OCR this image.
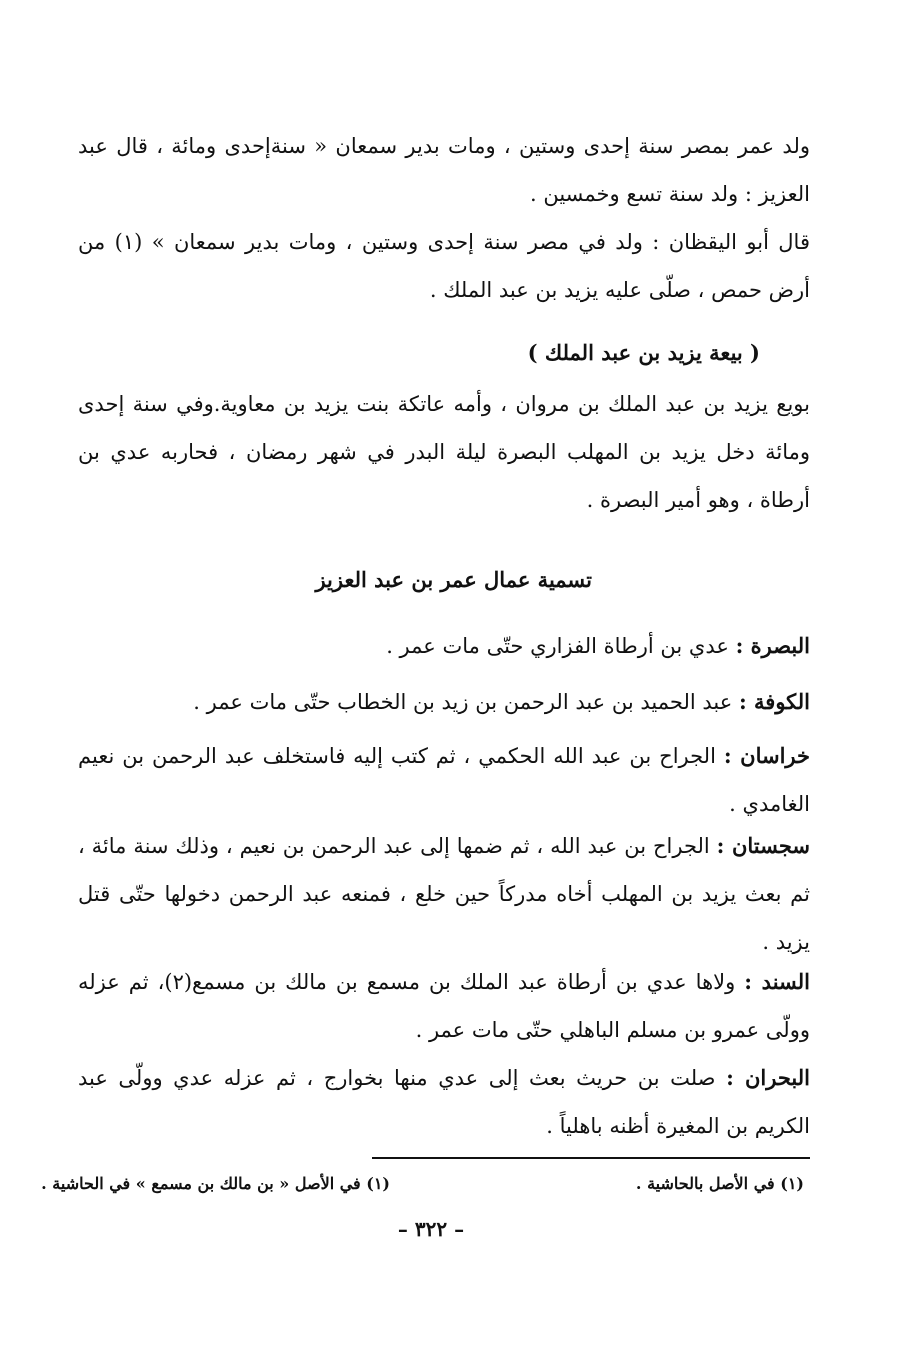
ولد عمر بمصر سنة إحدى وستين ، ومات بدير سمعان « سنةإحدى ومائة ، قال عبد العزيز : ولد سنة تسع وخمسين .
قال أبو اليقظان : ولد في مصر سنة إحدى وستين ، ومات بدير سمعان » (١) من أرض حمص ، صلّى عليه يزيد بن عبد الملك .
( بيعة يزيد بن عبد الملك )
بويع يزيد بن عبد الملك بن مروان ، وأمه عاتكة بنت يزيد بن معاوية.وفي سنة إحدى ومائة دخل يزيد بن المهلب البصرة ليلة البدر في شهر رمضان ، فحاربه عدي بن أرطاة ، وهو أمير البصرة .
تسمية عمال عمر بن عبد العزيز
البصرة : عدي بن أرطاة الفزاري حتّى مات عمر .
الكوفة : عبد الحميد بن عبد الرحمن بن زيد بن الخطاب حتّى مات عمر .
خراسان : الجراح بن عبد الله الحكمي ، ثم كتب إليه فاستخلف عبد الرحمن بن نعيم الغامدي .
سجستان : الجراح بن عبد الله ، ثم ضمها إلى عبد الرحمن بن نعيم ، وذلك سنة مائة ، ثم بعث يزيد بن المهلب أخاه مدركاً حين خلع ، فمنعه عبد الرحمن دخولها حتّى قتل يزيد .
السند : ولاها عدي بن أرطاة عبد الملك بن مسمع بن مالك بن مسمع(٢)، ثم عزله وولّى عمرو بن مسلم الباهلي حتّى مات عمر .
البحران : صلت بن حريث بعث إلى عدي منها بخوارج ، ثم عزله عدي وولّى عبد الكريم بن المغيرة أظنه باهلياً .
(١) في الأصل بالحاشية .
(١) في الأصل « بن مالك بن مسمع » في الحاشية .
– ٣٢٢ –
